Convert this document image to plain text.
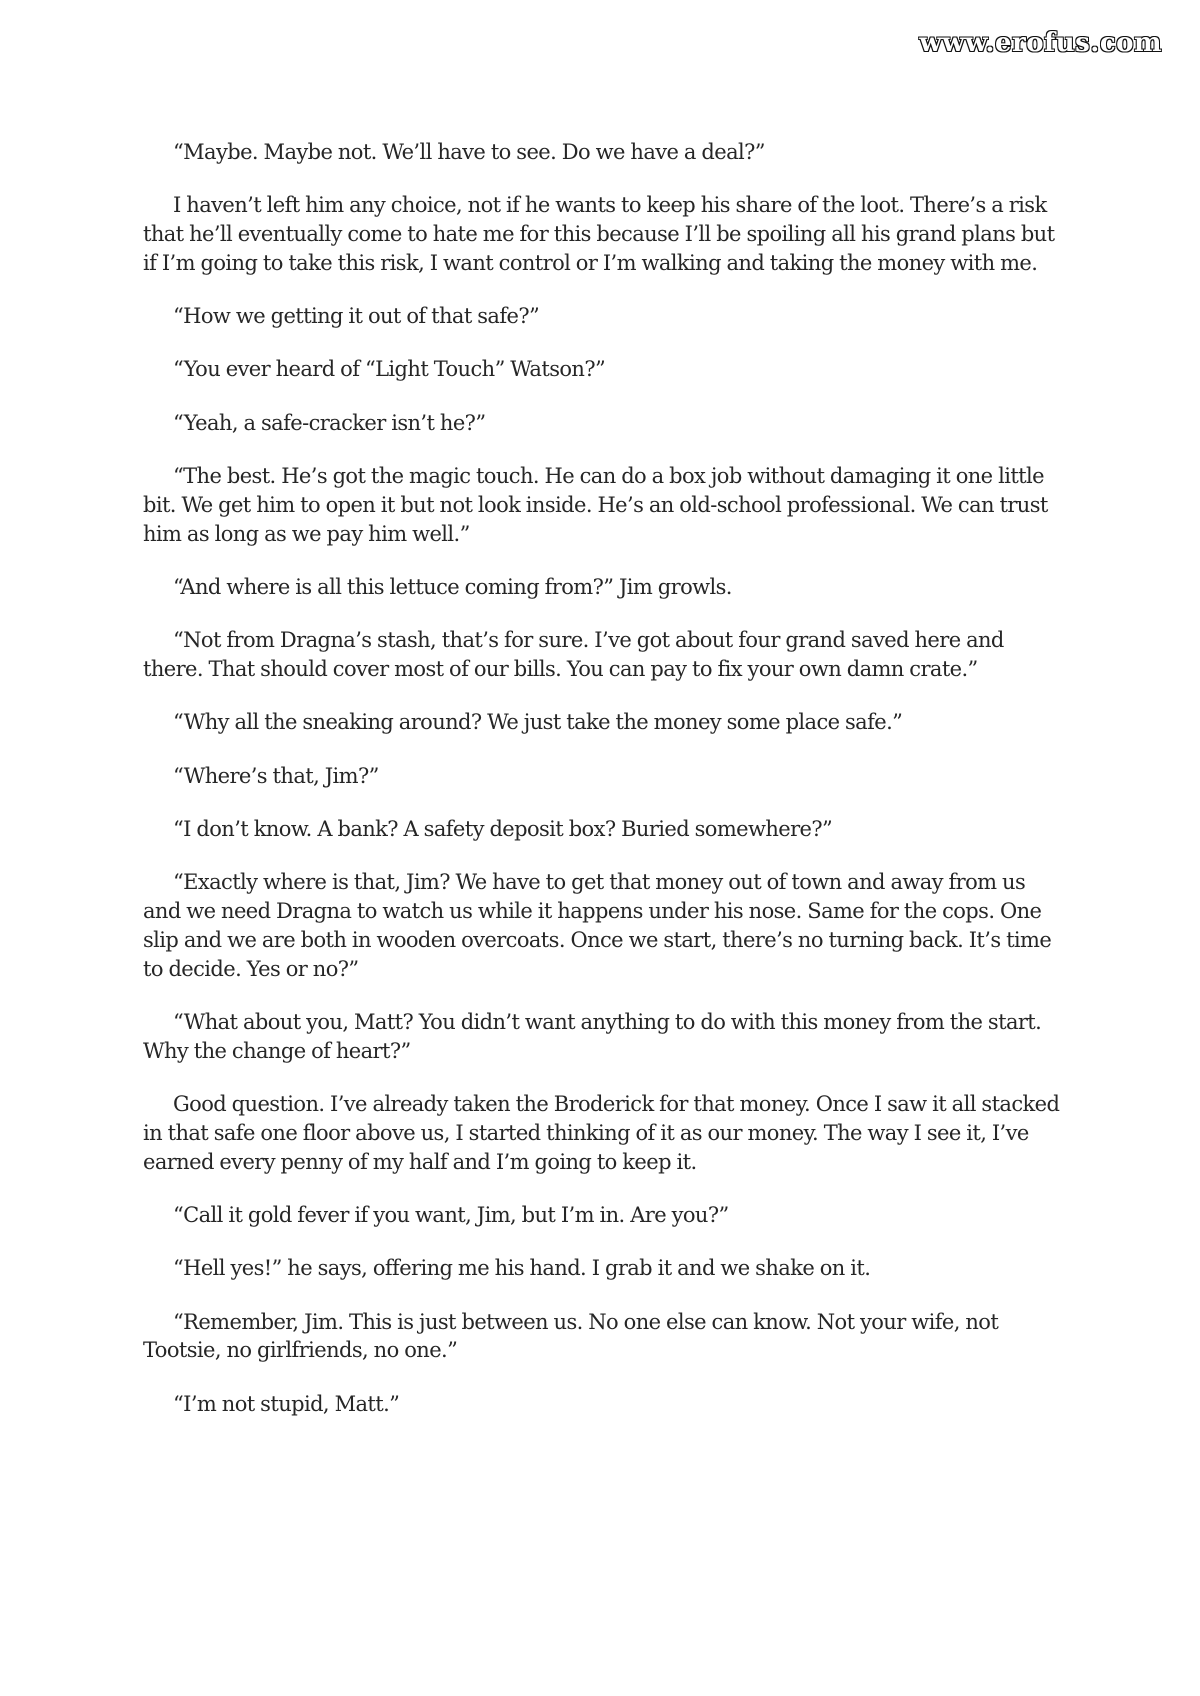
www.erofus.com

“Maybe. Maybe not. We’ll have to see. Do we have a deal?”

I haven’t left him any choice, not if he wants to keep his share of the loot. There’s a risk that he’ll eventually come to hate me for this because I’ll be spoiling all his grand plans but if I’m going to take this risk, I want control or I’m walking and taking the money with me.

“How we getting it out of that safe?”

“You ever heard of “Light Touch” Watson?”

“Yeah, a safe-cracker isn’t he?”

“The best. He’s got the magic touch. He can do a box job without damaging it one little bit. We get him to open it but not look inside. He’s an old-school professional. We can trust him as long as we pay him well.”

“And where is all this lettuce coming from?” Jim growls.

“Not from Dragna’s stash, that’s for sure. I’ve got about four grand saved here and there. That should cover most of our bills. You can pay to fix your own damn crate.”

“Why all the sneaking around? We just take the money some place safe.”

“Where’s that, Jim?”

“I don’t know. A bank? A safety deposit box? Buried somewhere?”

“Exactly where is that, Jim? We have to get that money out of town and away from us and we need Dragna to watch us while it happens under his nose. Same for the cops. One slip and we are both in wooden overcoats. Once we start, there’s no turning back. It’s time to decide. Yes or no?”

“What about you, Matt? You didn’t want anything to do with this money from the start. Why the change of heart?”

Good question. I’ve already taken the Broderick for that money. Once I saw it all stacked in that safe one floor above us, I started thinking of it as our money. The way I see it, I’ve earned every penny of my half and I’m going to keep it.

“Call it gold fever if you want, Jim, but I’m in. Are you?”

“Hell yes!” he says, offering me his hand. I grab it and we shake on it.

“Remember, Jim. This is just between us. No one else can know. Not your wife, not Tootsie, no girlfriends, no one.”

“I’m not stupid, Matt.”
